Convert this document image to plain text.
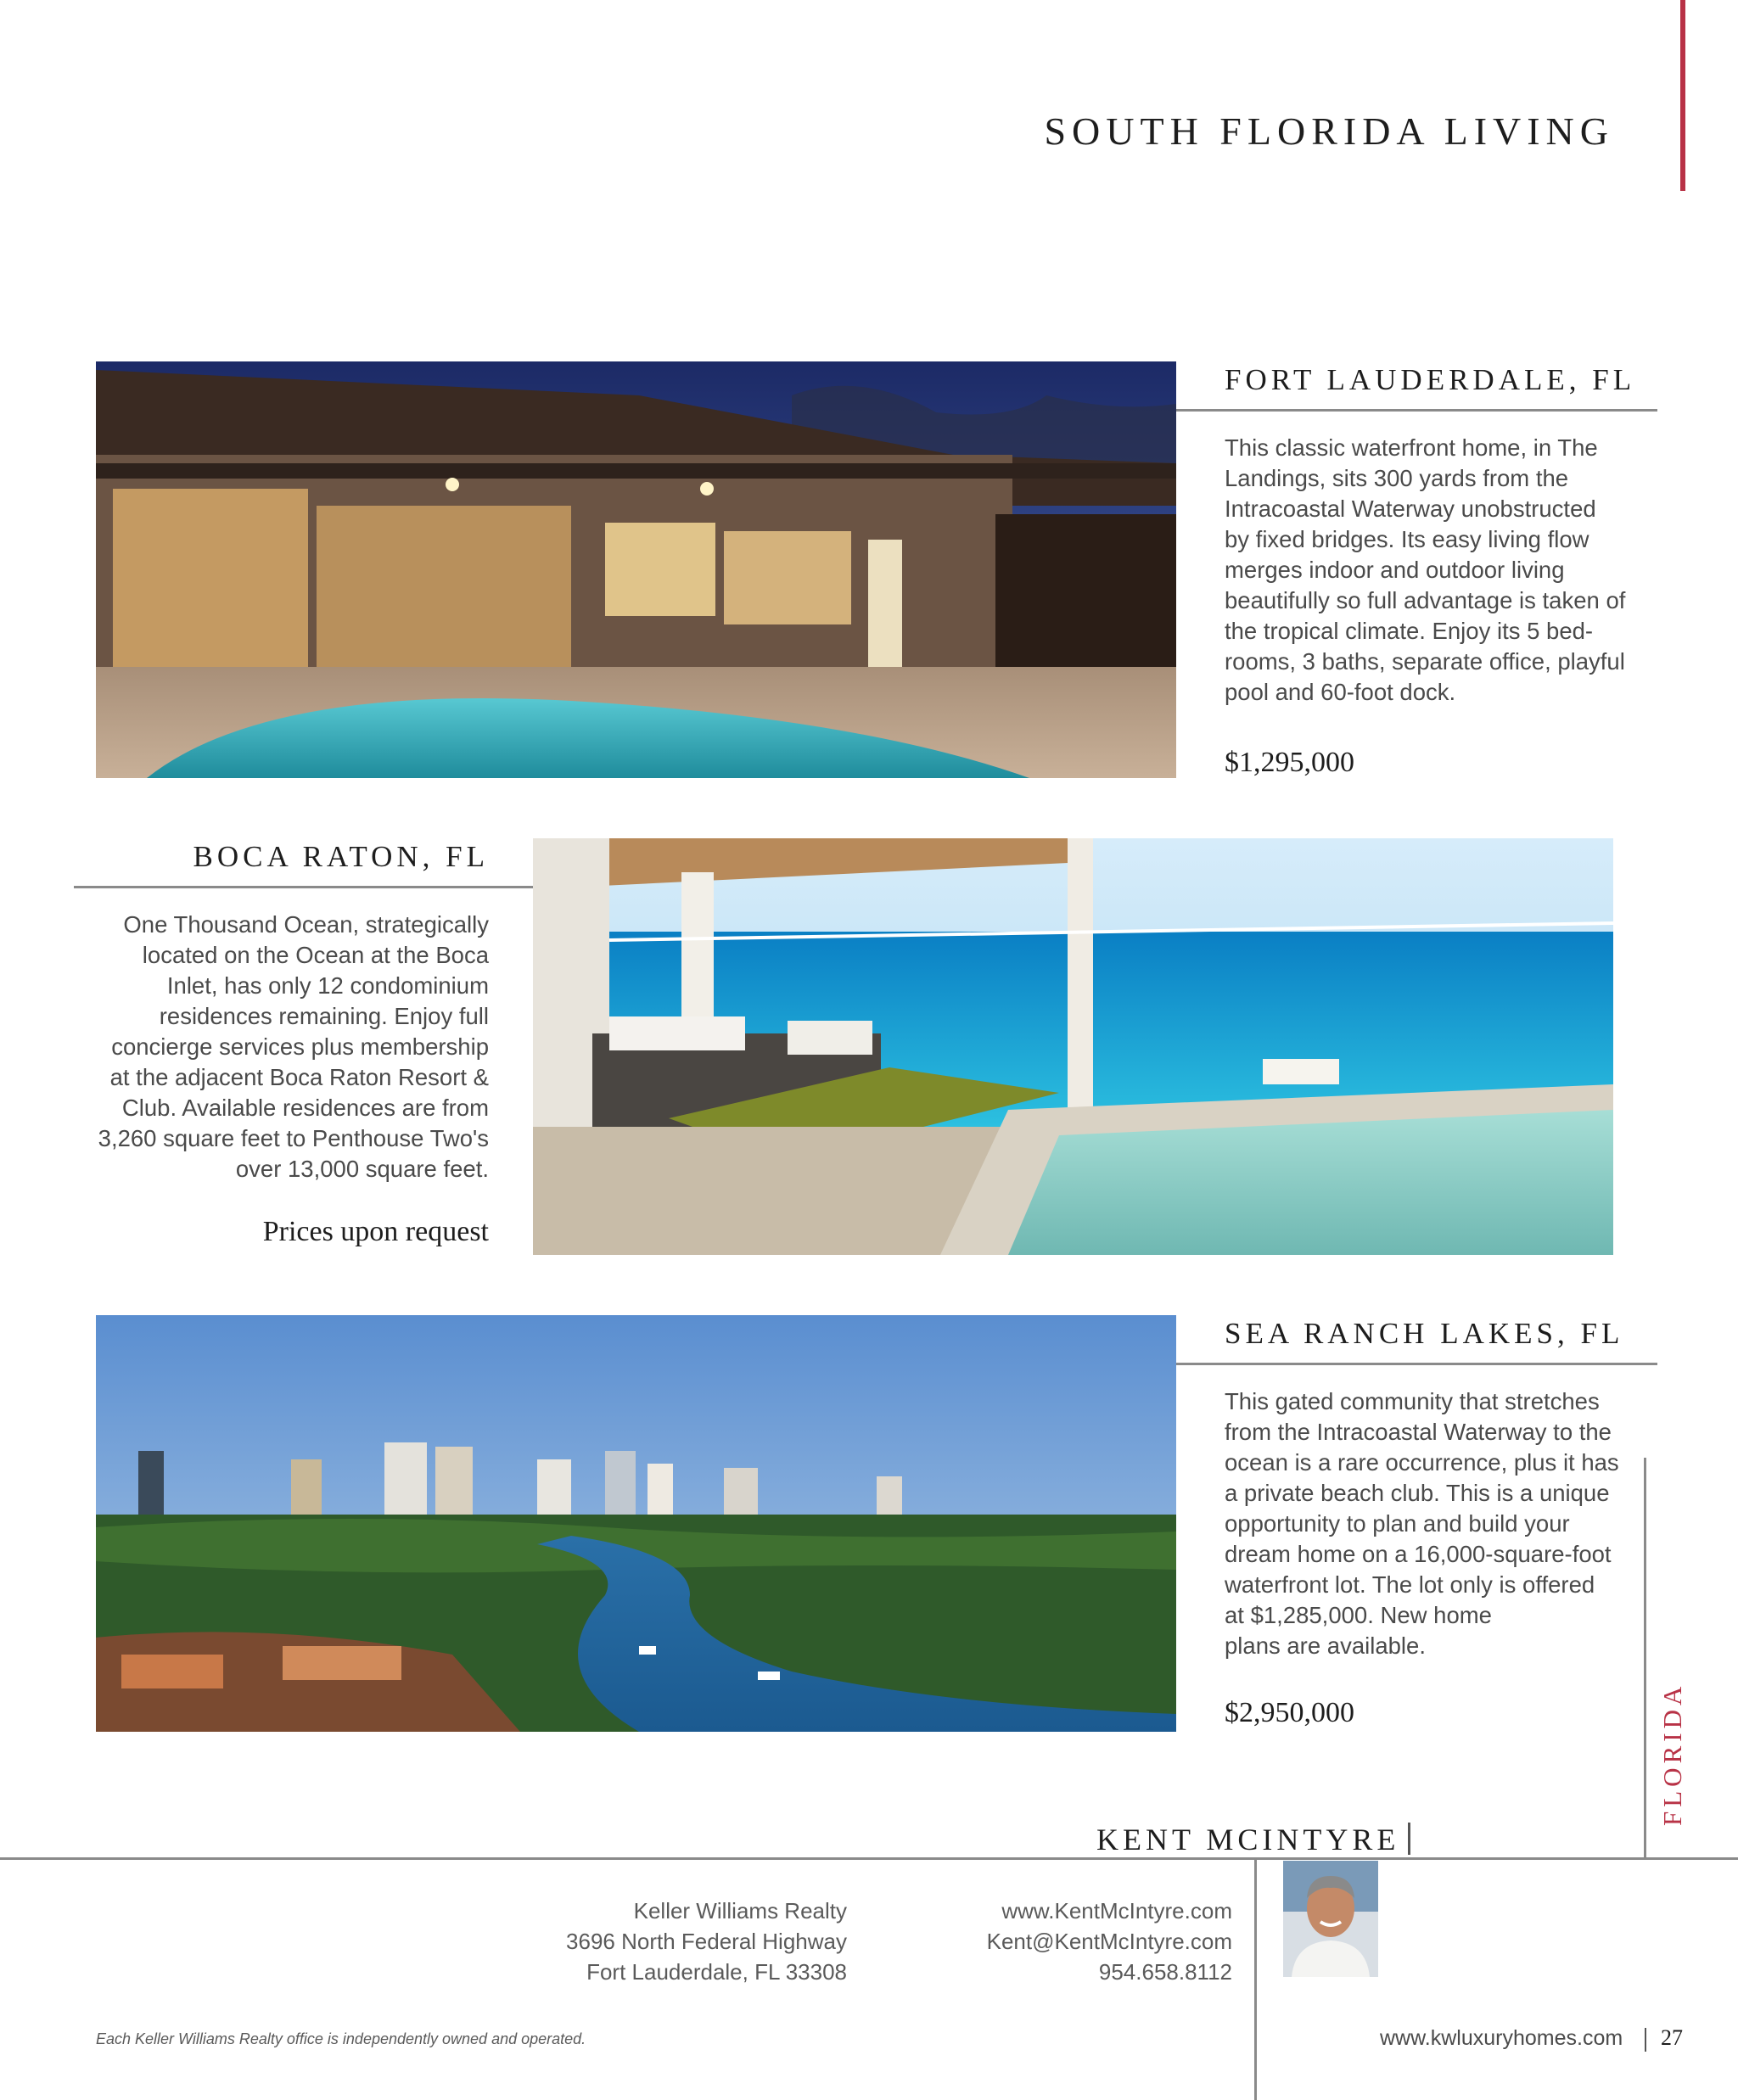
SOUTH FLORIDA LIVING
FORT LAUDERDALE, FL
This classic waterfront home, in The
Landings, sits 300 yards from the
Intracoastal Waterway unobstructed
by fixed bridges. Its easy living flow
merges indoor and outdoor living
beautifully so full advantage is taken of
the tropical climate. Enjoy its 5 bed-
rooms, 3 baths, separate office, playful
pool and 60-foot dock.
$1,295,000
BOCA RATON, FL
One Thousand Ocean, strategically
located on the Ocean at the Boca
Inlet, has only 12 condominium
residences remaining. Enjoy full
concierge services plus membership
at the adjacent Boca Raton Resort &
Club. Available residences are from
3,260 square feet to Penthouse Two's
over 13,000 square feet.
Prices upon request
SEA RANCH LAKES, FL
This gated community that stretches
from the Intracoastal Waterway to the
ocean is a rare occurrence, plus it has
a private beach club. This is a unique
opportunity to plan and build your
dream home on a 16,000-square-foot
waterfront lot. The lot only is offered
at $1,285,000. New home
plans are available.
$2,950,000	FLORIDA
KENT MCINTYRE
Keller Williams Realty
3696 North Federal Highway
Fort Lauderdale, FL 33308
www.KentMcIntyre.com
Kent@KentMcIntyre.com
954.658.8112
Each Keller Williams Realty office is independently owned and operated.	www.kwluxuryhomes.com 27
